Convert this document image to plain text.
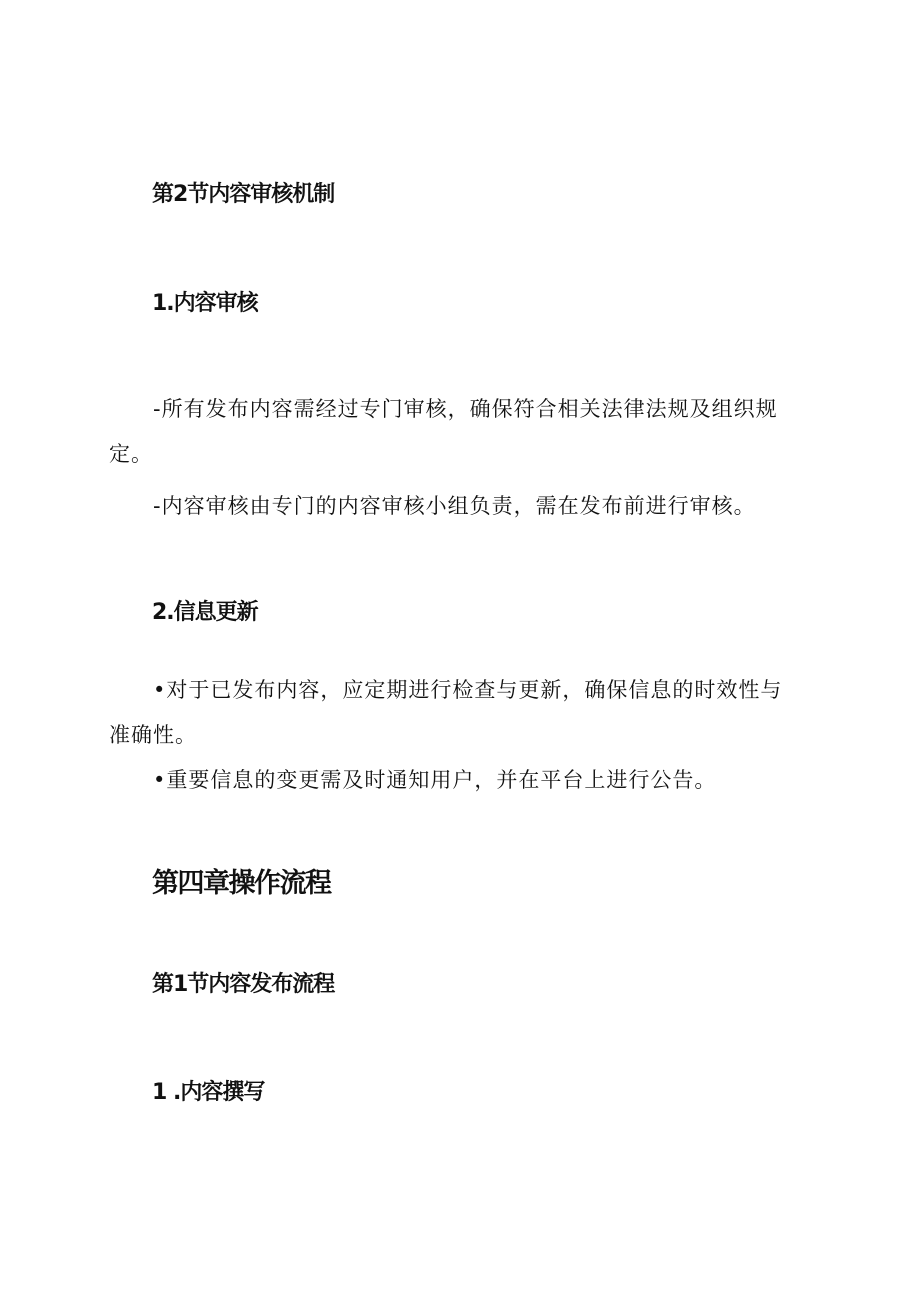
第2节内容审核机制
1.内容审核

-所有发布内容需经过专门审核，确保符合相关法律法规及组织规
定。

-内容审核由专门的内容审核小组负责，需在发布前进行审核。

2.信息更新

•对于已发布内容，应定期进行检查与更新，确保信息的时效性与
准确性。

•重要信息的变更需及时通知用户，并在平台上进行公告。

第四章操作流程
第1节内容发布流程
1 .内容撰写
